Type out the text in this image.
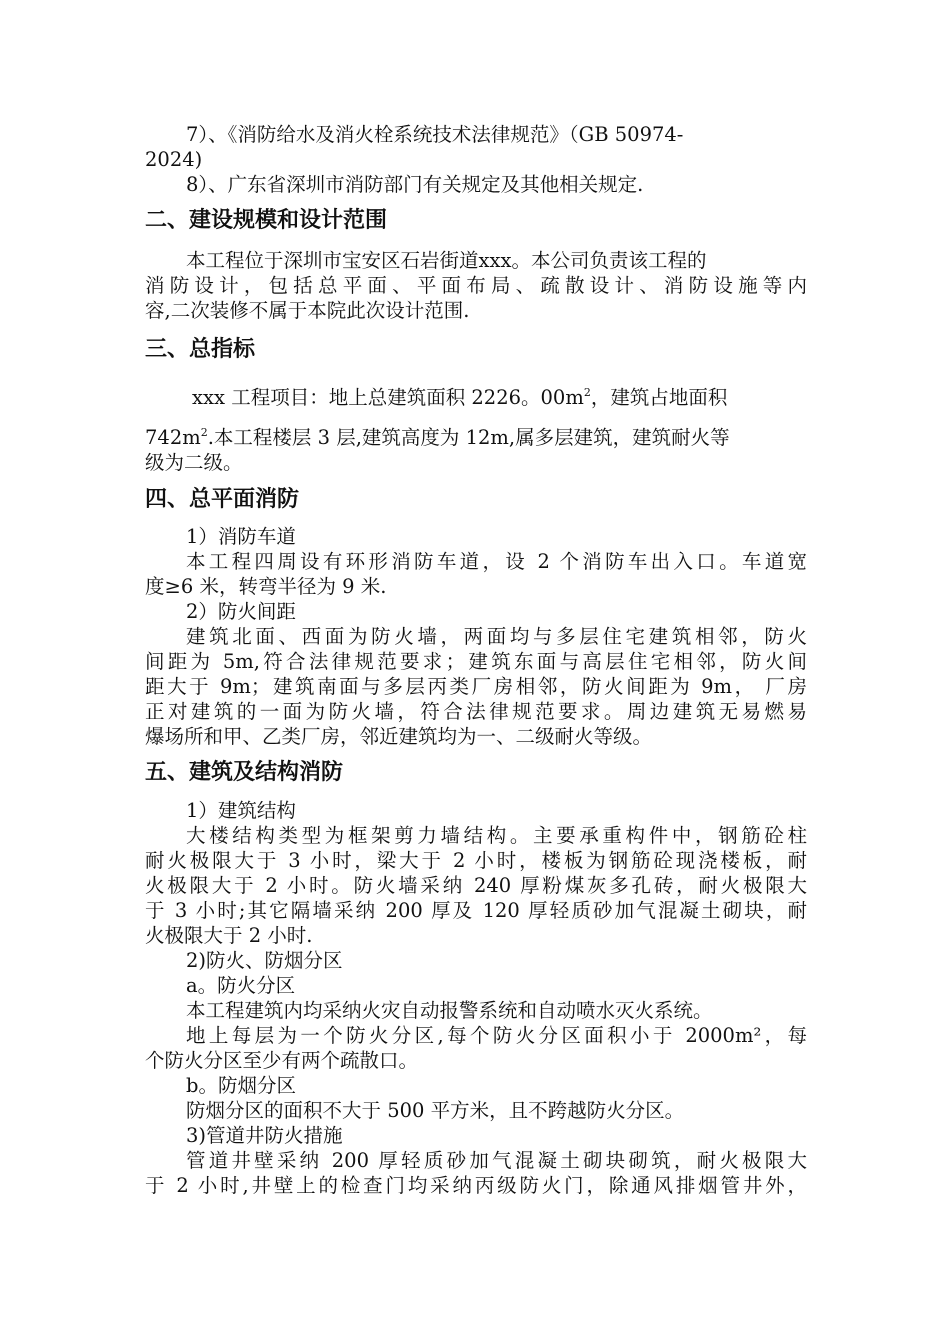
7）、《消防给水及消火栓系统技术法律规范》（GB 50974-
2024)
8）、广东省深圳市消防部门有关规定及其他相关规定.
二、建设规模和设计范围
本工程位于深圳市宝安区石岩街道xxx。本公司负责该工程的
消防设计，包括总平面、平面布局、疏散设计、消防设施等内
容,二次装修不属于本院此次设计范围.
三、总指标
xxx 工程项目：地上总建筑面积 2226。$00m^2$，建筑占地面积
$742m^2$.本工程楼层 3 层,建筑高度为 12m,属多层建筑，建筑耐火等
级为二级。
四、总平面消防
1）消防车道
本工程四周设有环形消防车道，设 2 个消防车出入口。车道宽
度≥6 米，转弯半径为 9 米.
2）防火间距
建筑北面、西面为防火墙，两面均与多层住宅建筑相邻，防火
间距为 5m,符合法律规范要求；建筑东面与高层住宅相邻，防火间
距大于 9m；建筑南面与多层丙类厂房相邻，防火间距为 9m， 厂房
正对建筑的一面为防火墙，符合法律规范要求。周边建筑无易燃易
爆场所和甲、乙类厂房，邻近建筑均为一、二级耐火等级。
五、建筑及结构消防
1）建筑结构
大楼结构类型为框架剪力墙结构。主要承重构件中，钢筋砼柱
耐火极限大于 3 小时，梁大于 2 小时，楼板为钢筋砼现浇楼板，耐
火极限大于 2 小时。防火墙采纳 240 厚粉煤灰多孔砖，耐火极限大
于 3 小时;其它隔墙采纳 200 厚及 120 厚轻质砂加气混凝土砌块，耐
火极限大于 2 小时.
2)防火、防烟分区
a。防火分区
本工程建筑内均采纳火灾自动报警系统和自动喷水灭火系统。
地上每层为一个防火分区,每个防火分区面积小于 2000m²，每
个防火分区至少有两个疏散口。
b。防烟分区
防烟分区的面积不大于 500 平方米，且不跨越防火分区。
3)管道井防火措施
管道井壁采纳 200 厚轻质砂加气混凝土砌块砌筑，耐火极限大
于 2 小时,井壁上的检查门均采纳丙级防火门，除通风排烟管井外，
